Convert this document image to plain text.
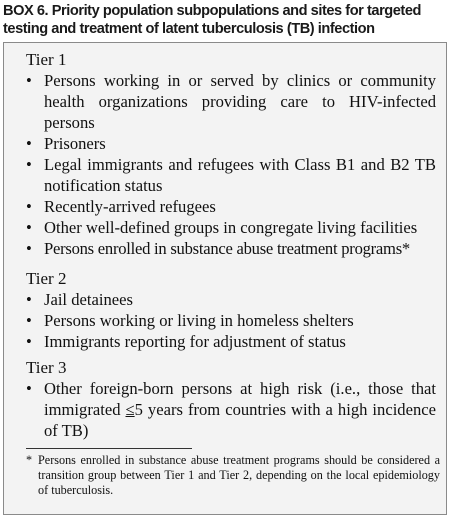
BOX 6. Priority population subpopulations and sites for targeted testing and treatment of latent tuberculosis (TB) infection
Tier 1
• Persons working in or served by clinics or community health organizations providing care to HIV-infected persons
• Prisoners
• Legal immigrants and refugees with Class B1 and B2 TB notification status
• Recently-arrived refugees
• Other well-defined groups in congregate living facilities
• Persons enrolled in substance abuse treatment programs*
Tier 2
• Jail detainees
• Persons working or living in homeless shelters
• Immigrants reporting for adjustment of status
Tier 3
• Other foreign-born persons at high risk (i.e., those that immigrated ≤5 years from countries with a high incidence of TB)
* Persons enrolled in substance abuse treatment programs should be considered a transition group between Tier 1 and Tier 2, depending on the local epidemiology of tuberculosis.
